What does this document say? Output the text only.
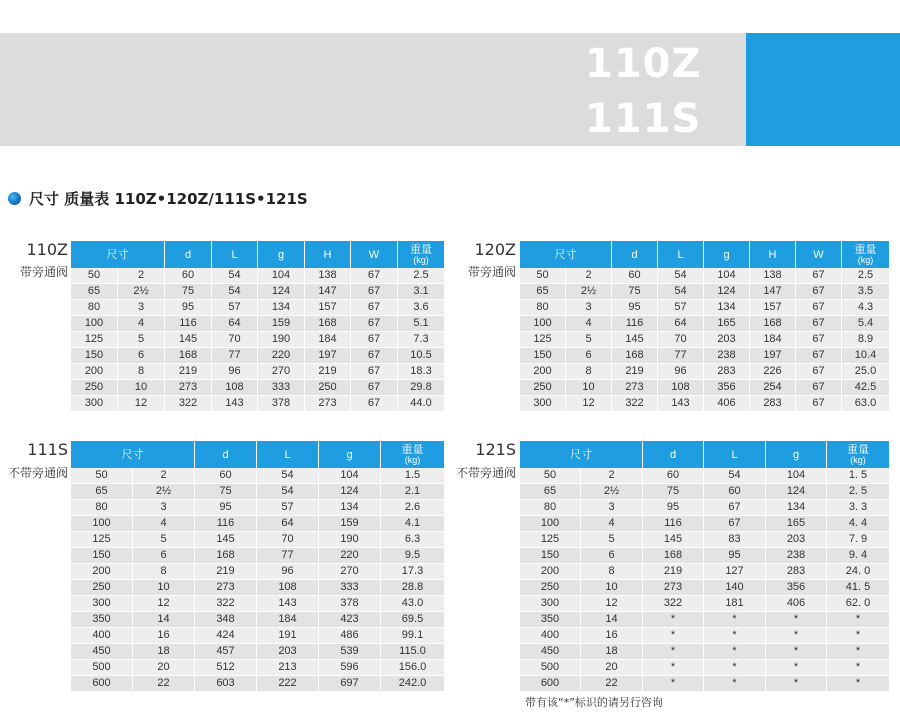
110Z
111S
尺寸 质量表 110Z•120Z/111S•121S
110Z
带旁通阀
尺寸		d	L	g	H	W	重量
(kg)

50	2	60	54	104	138	67	2.5
65	2½	75	54	124	147	67	3.1
80	3	95	57	134	157	67	3.6
100	4	116	64	159	168	67	5.1
125	5	145	70	190	184	67	7.3
150	6	168	77	220	197	67	10.5
200	8	219	96	270	219	67	18.3
250	10	273	108	333	250	67	29.8
300	12	322	143	378	273	67	44.0
120Z
带旁通阀
尺寸		d	L	g	H	W	重量
(kg)

50	2	60	54	104	138	67	2.5
65	2½	75	54	124	147	67	3.5
80	3	95	57	134	157	67	4.3
100	4	116	64	165	168	67	5.4
125	5	145	70	203	184	67	8.9
150	6	168	77	238	197	67	10.4
200	8	219	96	283	226	67	25.0
250	10	273	108	356	254	67	42.5
300	12	322	143	406	283	67	63.0
111S
不带旁通阀
尺寸		d	L	g	重量
(kg)

50	2	60	54	104	1.5
65	2½	75	54	124	2.1
80	3	95	57	134	2.6
100	4	116	64	159	4.1
125	5	145	70	190	6.3
150	6	168	77	220	9.5
200	8	219	96	270	17.3
250	10	273	108	333	28.8
300	12	322	143	378	43.0
350	14	348	184	423	69.5
400	16	424	191	486	99.1
450	18	457	203	539	115.0
500	20	512	213	596	156.0
600	22	603	222	697	242.0
121S
不带旁通阀
尺寸		d	L	g	重量
(kg)

50	2	60	54	104	1. 5
65	2½	75	60	124	2. 5
80	3	95	67	134	3. 3
100	4	116	67	165	4. 4
125	5	145	83	203	7. 9
150	6	168	95	238	9. 4
200	8	219	127	283	24. 0
250	10	273	140	356	41. 5
300	12	322	181	406	62. 0
350	14	*	*	*	*
400	16	*	*	*	*
450	18	*	*	*	*
500	20	*	*	*	*
600	22	*	*	*	*
带有该“*”标识的请另行咨询
